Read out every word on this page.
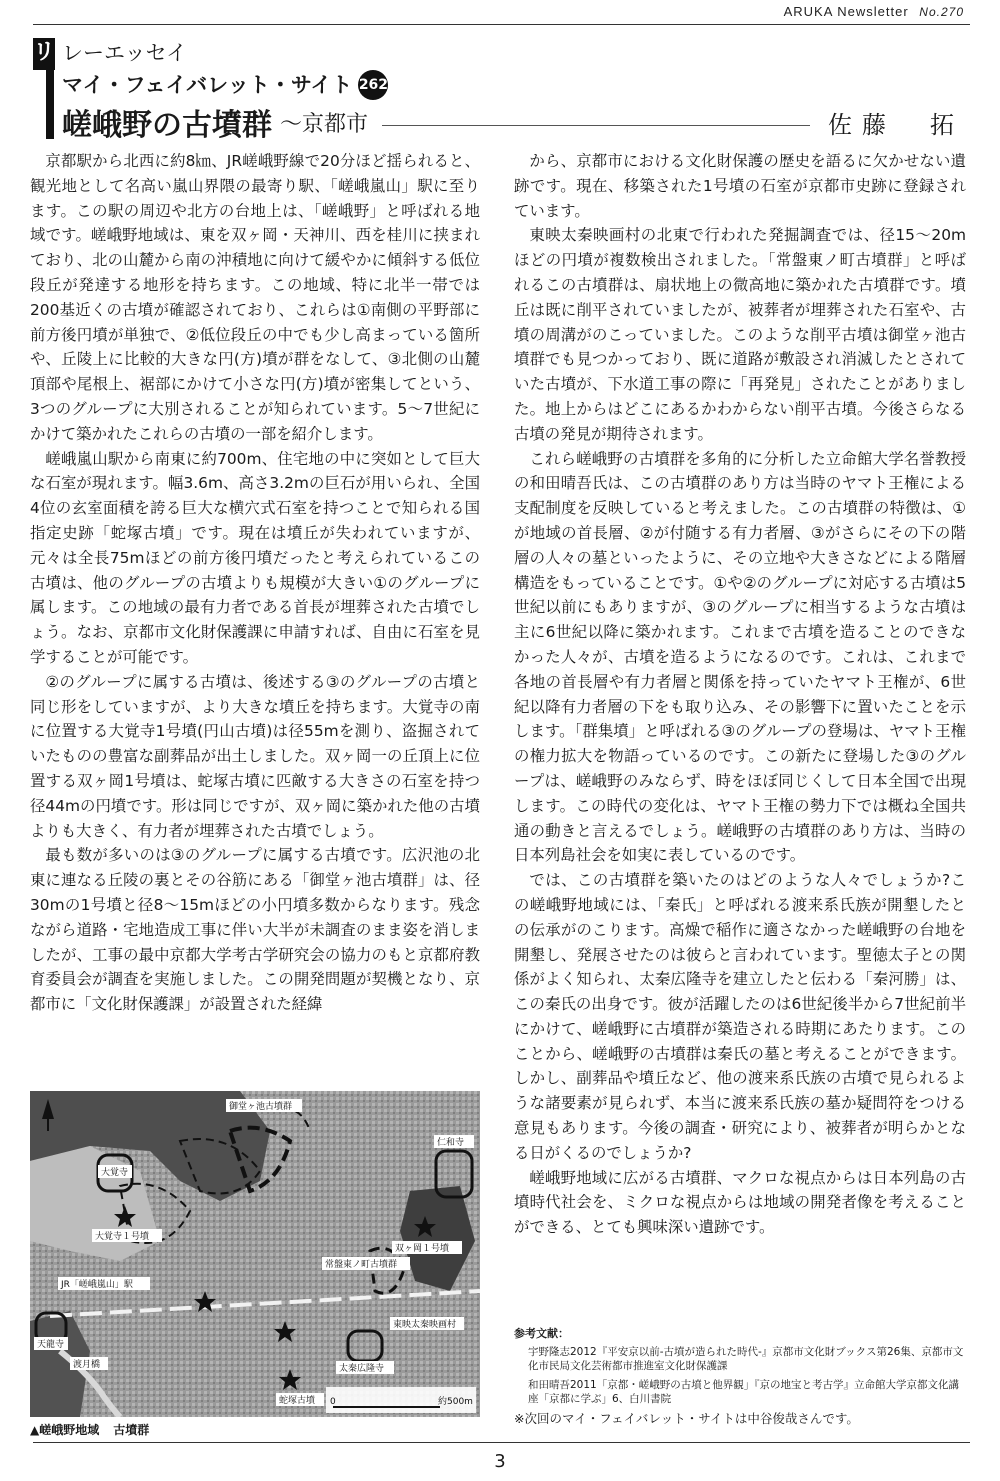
ARUKA Newsletter No.270
リ レーエッセイ
マイ・フェイバレット・サイト 262
嵯峨野の古墳群 〜京都市	佐藤　拓

京都駅から北西に約8㎞、JR嵯峨野線で20分ほど揺られると、観光地として名高い嵐山界隈の最寄り駅、「嵯峨嵐山」駅に至ります。この駅の周辺や北方の台地上は、「嵯峨野」と呼ばれる地域です。嵯峨野地域は、東を双ヶ岡・天神川、西を桂川に挟まれており、北の山麓から南の沖積地に向けて緩やかに傾斜する低位段丘が発達する地形を持ちます。この地域、特に北半一帯では200基近くの古墳が確認されており、これらは①南側の平野部に前方後円墳が単独で、②低位段丘の中でも少し高まっている箇所や、丘陵上に比較的大きな円(方)墳が群をなして、③北側の山麓頂部や尾根上、裾部にかけて小さな円(方)墳が密集してという、3つのグループに大別されることが知られています。5〜7世紀にかけて築かれたこれらの古墳の一部を紹介します。

嵯峨嵐山駅から南東に約700m、住宅地の中に突如として巨大な石室が現れます。幅3.6m、高さ3.2mの巨石が用いられ、全国4位の玄室面積を誇る巨大な横穴式石室を持つことで知られる国指定史跡「蛇塚古墳」です。現在は墳丘が失われていますが、元々は全長75mほどの前方後円墳だったと考えられているこの古墳は、他のグループの古墳よりも規模が大きい①のグループに属します。この地域の最有力者である首長が埋葬された古墳でしょう。なお、京都市文化財保護課に申請すれば、自由に石室を見学することが可能です。

②のグループに属する古墳は、後述する③のグループの古墳と同じ形をしていますが、より大きな墳丘を持ちます。大覚寺の南に位置する大覚寺1号墳(円山古墳)は径55mを測り、盗掘されていたものの豊富な副葬品が出土しました。双ヶ岡一の丘頂上に位置する双ヶ岡1号墳は、蛇塚古墳に匹敵する大きさの石室を持つ径44mの円墳です。形は同じですが、双ヶ岡に築かれた他の古墳よりも大きく、有力者が埋葬された古墳でしょう。

最も数が多いのは③のグループに属する古墳です。広沢池の北東に連なる丘陵の裏とその谷筋にある「御堂ヶ池古墳群」は、径30mの1号墳と径8〜15mほどの小円墳多数からなります。残念ながら道路・宅地造成工事に伴い大半が未調査のまま姿を消しましたが、工事の最中京都大学考古学研究会の協力のもと京都府教育委員会が調査を実施しました。この開発問題が契機となり、京都市に「文化財保護課」が設置された経緯

から、京都市における文化財保護の歴史を語るに欠かせない遺跡です。現在、移築された1号墳の石室が京都市史跡に登録されています。

東映太秦映画村の北東で行われた発掘調査では、径15〜20mほどの円墳が複数検出されました。「常盤東ノ町古墳群」と呼ばれるこの古墳群は、扇状地上の微高地に築かれた古墳群です。墳丘は既に削平されていましたが、被葬者が埋葬された石室や、古墳の周溝がのこっていました。このような削平古墳は御堂ヶ池古墳群でも見つかっており、既に道路が敷設され消滅したとされていた古墳が、下水道工事の際に「再発見」されたことがありました。地上からはどこにあるかわからない削平古墳。今後さらなる古墳の発見が期待されます。

これら嵯峨野の古墳群を多角的に分析した立命館大学名誉教授の和田晴吾氏は、この古墳群のあり方は当時のヤマト王権による支配制度を反映していると考えました。この古墳群の特徴は、①が地域の首長層、②が付随する有力者層、③がさらにその下の階層の人々の墓といったように、その立地や大きさなどによる階層構造をもっていることです。①や②のグループに対応する古墳は5世紀以前にもありますが、③のグループに相当するような古墳は主に6世紀以降に築かれます。これまで古墳を造ることのできなかった人々が、古墳を造るようになるのです。これは、これまで各地の首長層や有力者層と関係を持っていたヤマト王権が、6世紀以降有力者層の下をも取り込み、その影響下に置いたことを示します。「群集墳」と呼ばれる③のグループの登場は、ヤマト王権の権力拡大を物語っているのです。この新たに登場した③のグループは、嵯峨野のみならず、時をほぼ同じくして日本全国で出現します。この時代の変化は、ヤマト王権の勢力下では概ね全国共通の動きと言えるでしょう。嵯峨野の古墳群のあり方は、当時の日本列島社会を如実に表しているのです。

では、この古墳群を築いたのはどのような人々でしょうか?この嵯峨野地域には、「秦氏」と呼ばれる渡来系氏族が開墾したとの伝承がのこります。高燥で稲作に適さなかった嵯峨野の台地を開墾し、発展させたのは彼らと言われています。聖徳太子との関係がよく知られ、太秦広隆寺を建立したと伝わる「秦河勝」は、この秦氏の出身です。彼が活躍したのは6世紀後半から7世紀前半にかけて、嵯峨野に古墳群が築造される時期にあたります。このことから、嵯峨野の古墳群は秦氏の墓と考えることができます。しかし、副葬品や墳丘など、他の渡来系氏族の古墳で見られるような諸要素が見られず、本当に渡来系氏族の墓か疑問符をつける意見もあります。今後の調査・研究により、被葬者が明らかとなる日がくるのでしょうか?

嵯峨野地域に広がる古墳群、マクロな視点からは日本列島の古墳時代社会を、ミクロな視点からは地域の開発者像を考えることができる、とても興味深い遺跡です。

0	約500m
御堂ヶ池古墳群
仁和寺
大覚寺
大覚寺１号墳
双ヶ岡１号墳
常盤東ノ町古墳群
JR「嵯峨嵐山」駅
天龍寺
東映太秦映画村
渡月橋	太秦広隆寺
蛇塚古墳
▲嵯峨野地域 古墳群
参考文献：
宇野隆志2012『平安京以前-古墳が造られた時代-』京都市文化財ブックス第26集、京都市文化市民局文化芸術都市推進室文化財保護課
和田晴吾2011「京都・嵯峨野の古墳と他界観」『京の地宝と考古学』立命館大学京都文化講座「京都に学ぶ」6、白川書院
※次回のマイ・フェイバレット・サイトは中谷俊哉さんです。
3
